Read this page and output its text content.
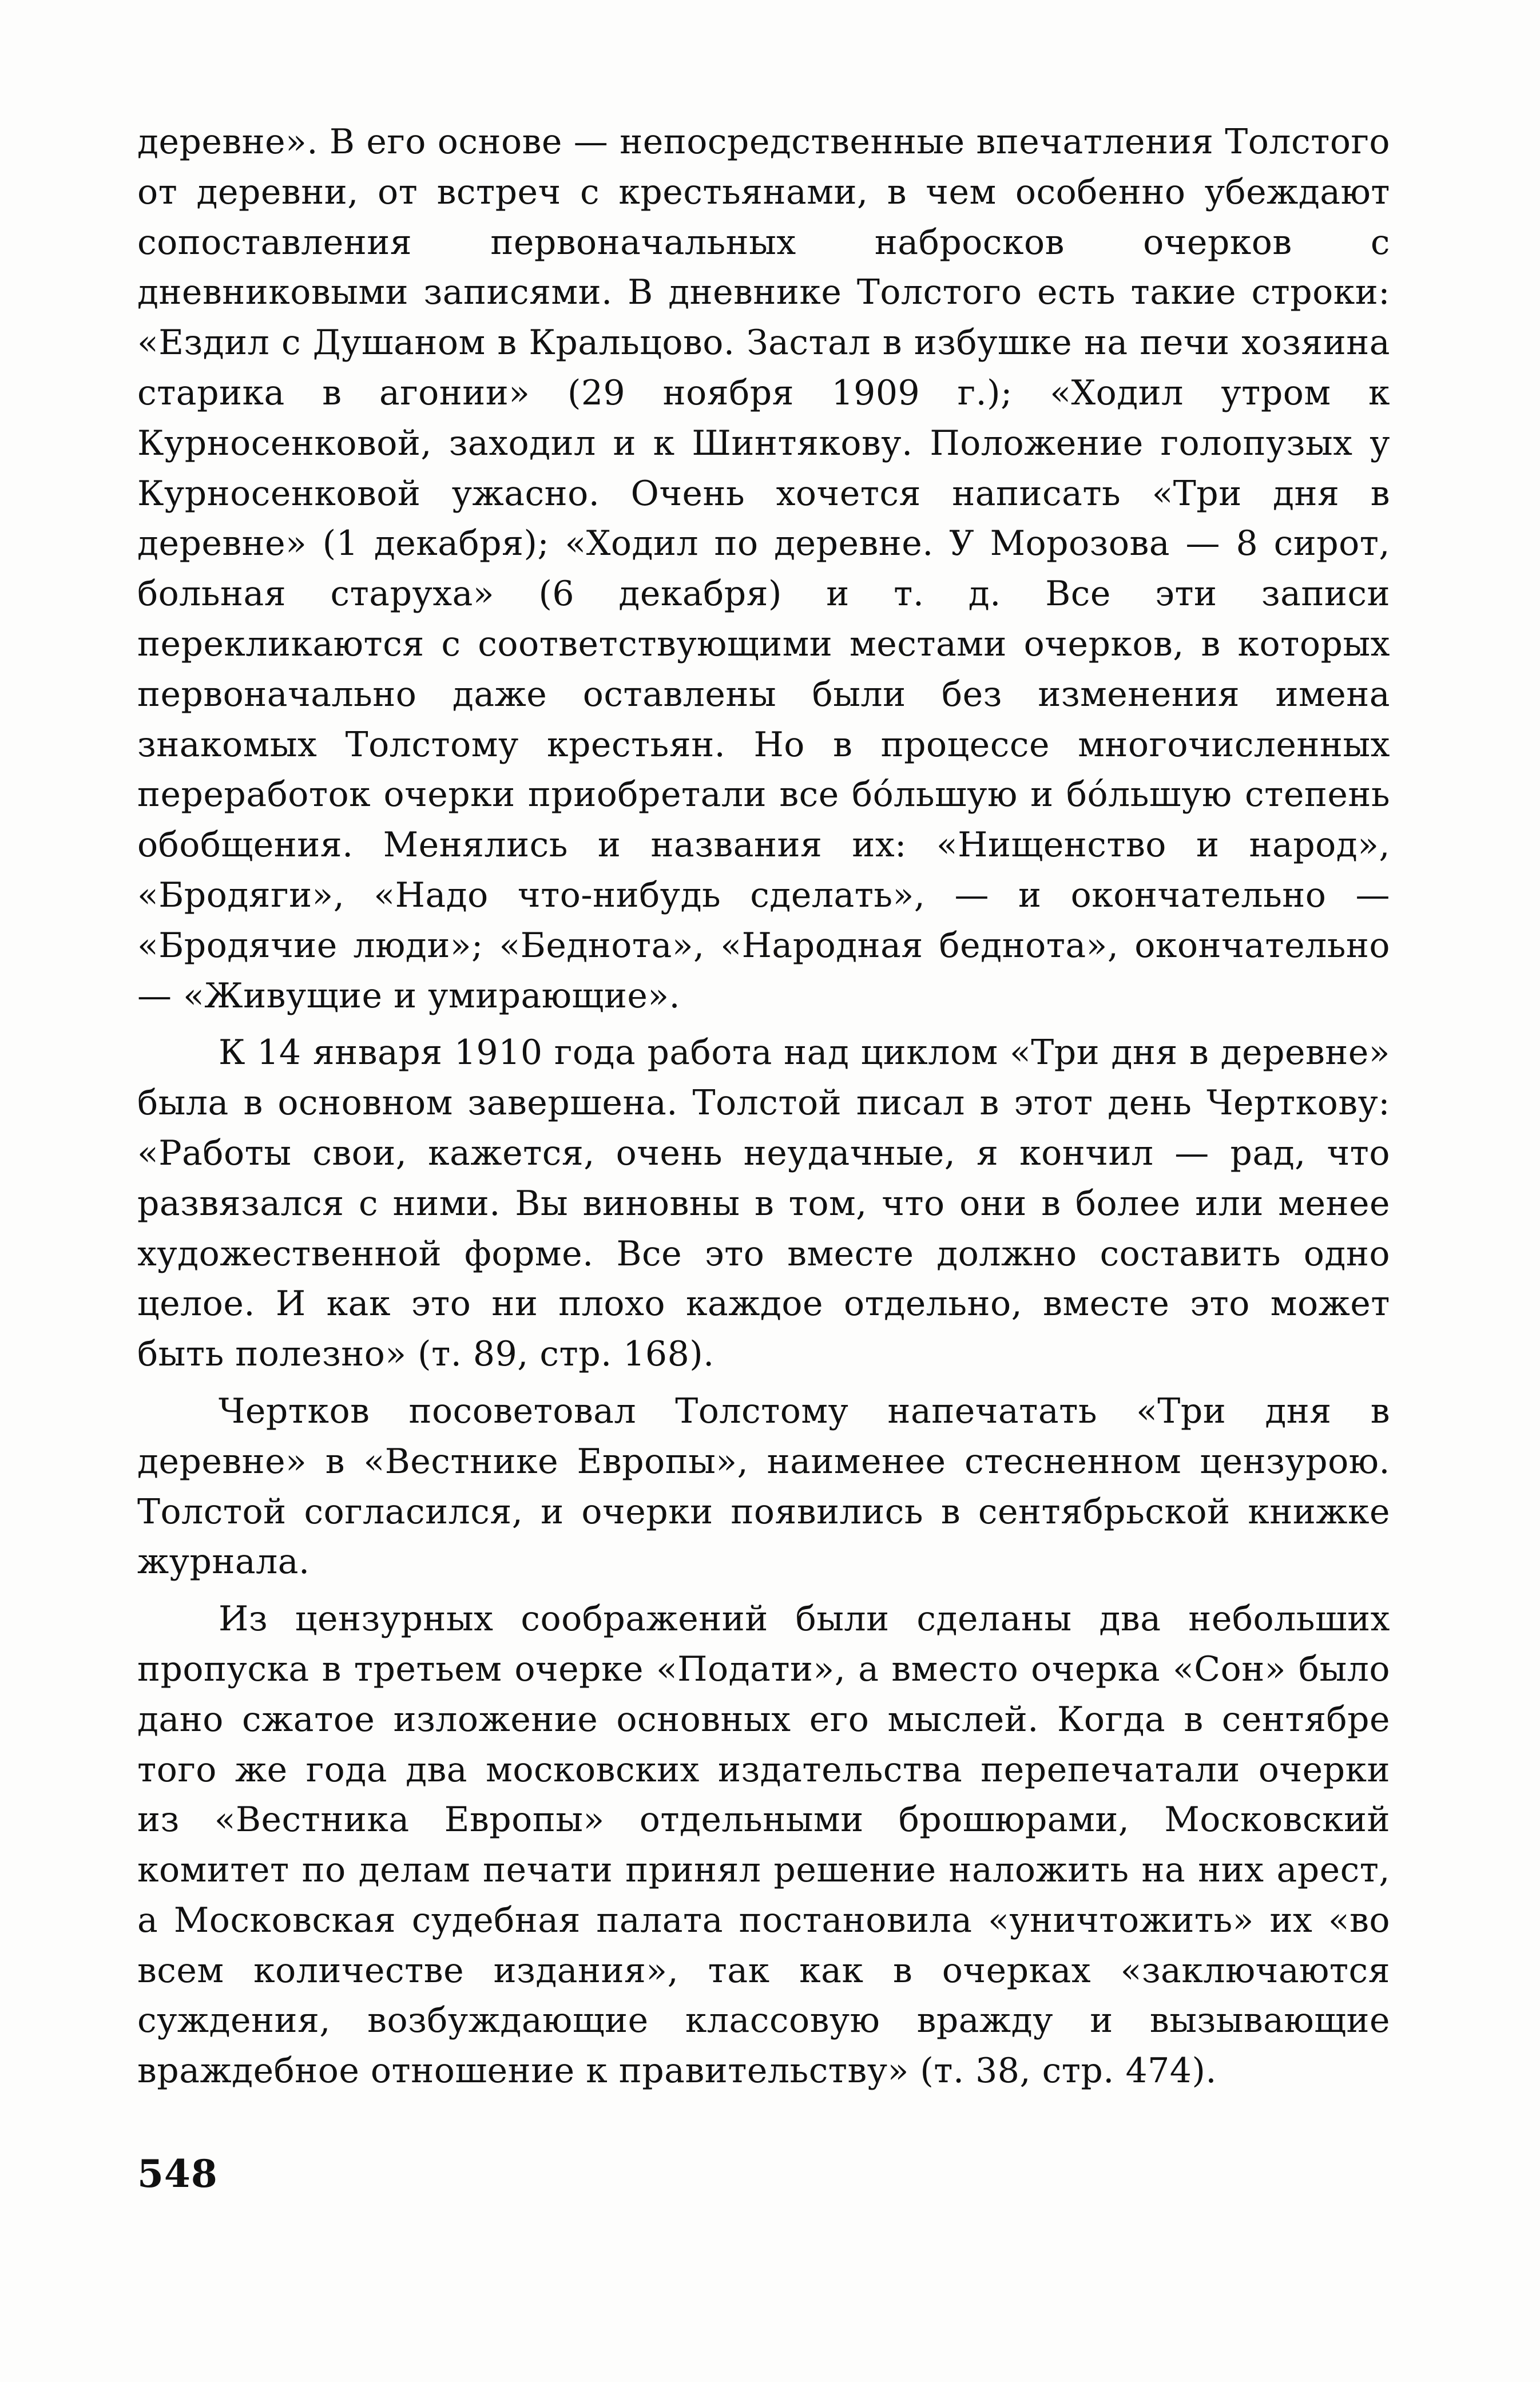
деревне». В его основе — непосредственные впечатления Толстого от деревни, от встреч с крестьянами, в чем особенно убеждают сопоставления первоначальных набросков очерков с дневниковыми записями. В дневнике Толстого есть такие строки: «Ездил с Душаном в Кральцово. Застал в избушке на печи хозяина старика в агонии» (29 ноября 1909 г.); «Ходил утром к Курносенковой, заходил и к Шинтякову. Положение голопузых у Курносенковой ужасно. Очень хочется написать «Три дня в деревне» (1 декабря); «Ходил по деревне. У Морозова — 8 сирот, больная старуха» (6 декабря) и т. д. Все эти записи перекликаются с соответствующими местами очерков, в которых первоначально даже оставлены были без изменения имена знакомых Толстому крестьян. Но в процессе многочисленных переработок очерки приобретали все бо́льшую и бо́льшую степень обобщения. Менялись и названия их: «Нищенство и народ», «Бродяги», «Надо что-нибудь сделать», — и окончательно — «Бродячие люди»; «Беднота», «Народная беднота», окончательно — «Живущие и умирающие».

К 14 января 1910 года работа над циклом «Три дня в деревне» была в основном завершена. Толстой писал в этот день Черткову: «Работы свои, кажется, очень неудачные, я кончил — рад, что развязался с ними. Вы виновны в том, что они в более или менее художественной форме. Все это вместе должно составить одно целое. И как это ни плохо каждое отдельно, вместе это может быть полезно» (т. 89, стр. 168).

Чертков посоветовал Толстому напечатать «Три дня в деревне» в «Вестнике Европы», наименее стесненном цензурою. Толстой согласился, и очерки появились в сентябрьской книжке журнала.

Из цензурных соображений были сделаны два небольших пропуска в третьем очерке «Подати», а вместо очерка «Сон» было дано сжатое изложение основных его мыслей. Когда в сентябре того же года два московских издательства перепечатали очерки из «Вестника Европы» отдельными брошюрами, Московский комитет по делам печати принял решение наложить на них арест, а Московская судебная палата постановила «уничтожить» их «во всем количестве издания», так как в очерках «заключаются суждения, возбуждающие классовую вражду и вызывающие враждебное отношение к правительству» (т. 38, стр. 474).

548
